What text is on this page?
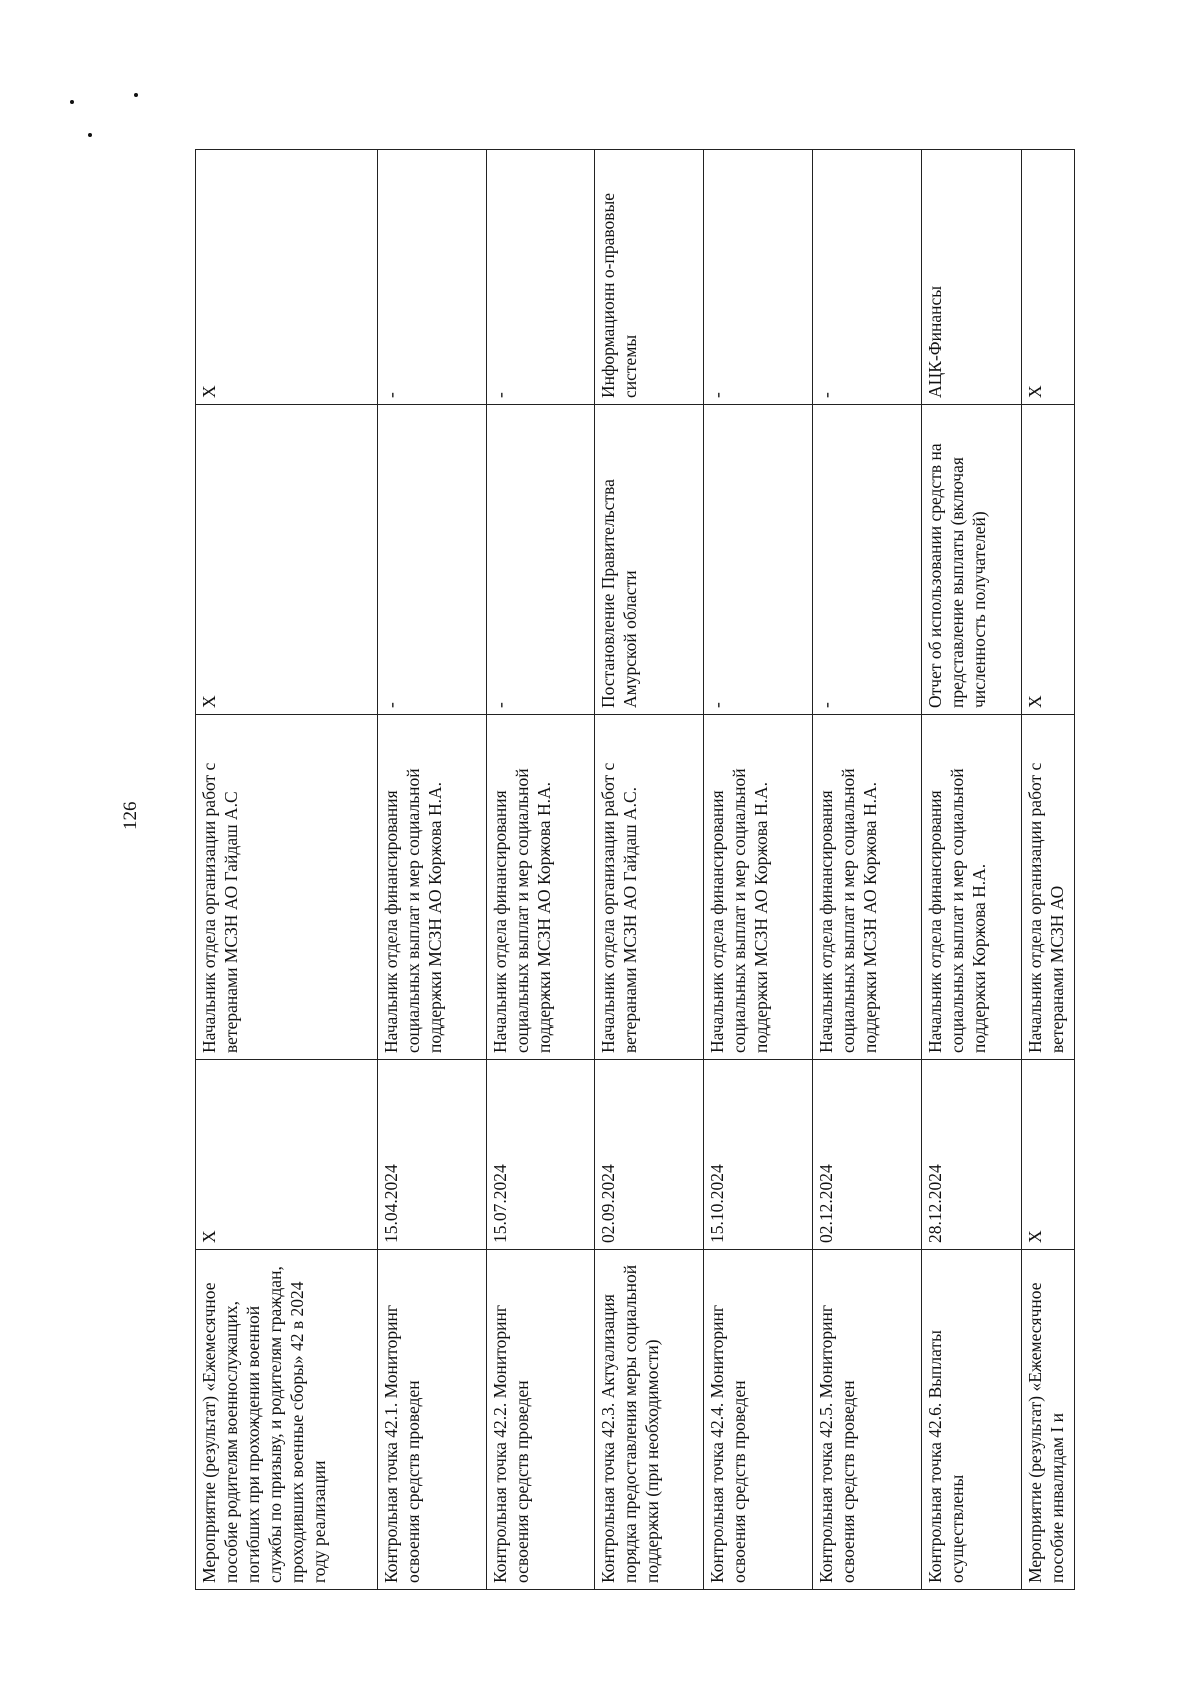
126
Мероприятие (результат) «Ежемесячное пособие родителям военнослужащих, погибших при прохождении военной службы по призыву, и родителям граждан, проходивших военные сборы» 42 в 2024 году реализации	X	Начальник отдела организации работ с ветеранами МСЗН АО Гайдаш А.С	X	X
Контрольная точка 42.1. Мониторинг освоения средств проведен	15.04.2024	Начальник отдела финансирования социальных выплат и мер социальной поддержки МСЗН АО Коржова Н.А.	-	-
Контрольная точка 42.2. Мониторинг освоения средств проведен	15.07.2024	Начальник отдела финансирования социальных выплат и мер социальной поддержки МСЗН АО Коржова Н.А.	-	-
Контрольная точка 42.3. Актуализация порядка предоставления меры социальной поддержки (при необходимости)	02.09.2024	Начальник отдела организации работ с ветеранами МСЗН АО Гайдаш А.С.	Постановление Правительства Амурской области	Информационн о-правовые системы
Контрольная точка 42.4. Мониторинг освоения средств проведен	15.10.2024	Начальник отдела финансирования социальных выплат и мер социальной поддержки МСЗН АО Коржова Н.А.	-	-
Контрольная точка 42.5. Мониторинг освоения средств проведен	02.12.2024	Начальник отдела финансирования социальных выплат и мер социальной поддержки МСЗН АО Коржова Н.А.	-	-
Контрольная точка 42.6. Выплаты осуществлены	28.12.2024	Начальник отдела финансирования социальных выплат и мер социальной поддержки Коржова Н.А.	Отчет об использовании средств на представление выплаты (включая численность получателей)	АЦК-Финансы
Мероприятие (результат) «Ежемесячное пособие инвалидам I и	X	Начальник отдела организации работ с ветеранами МСЗН АО	X	X
